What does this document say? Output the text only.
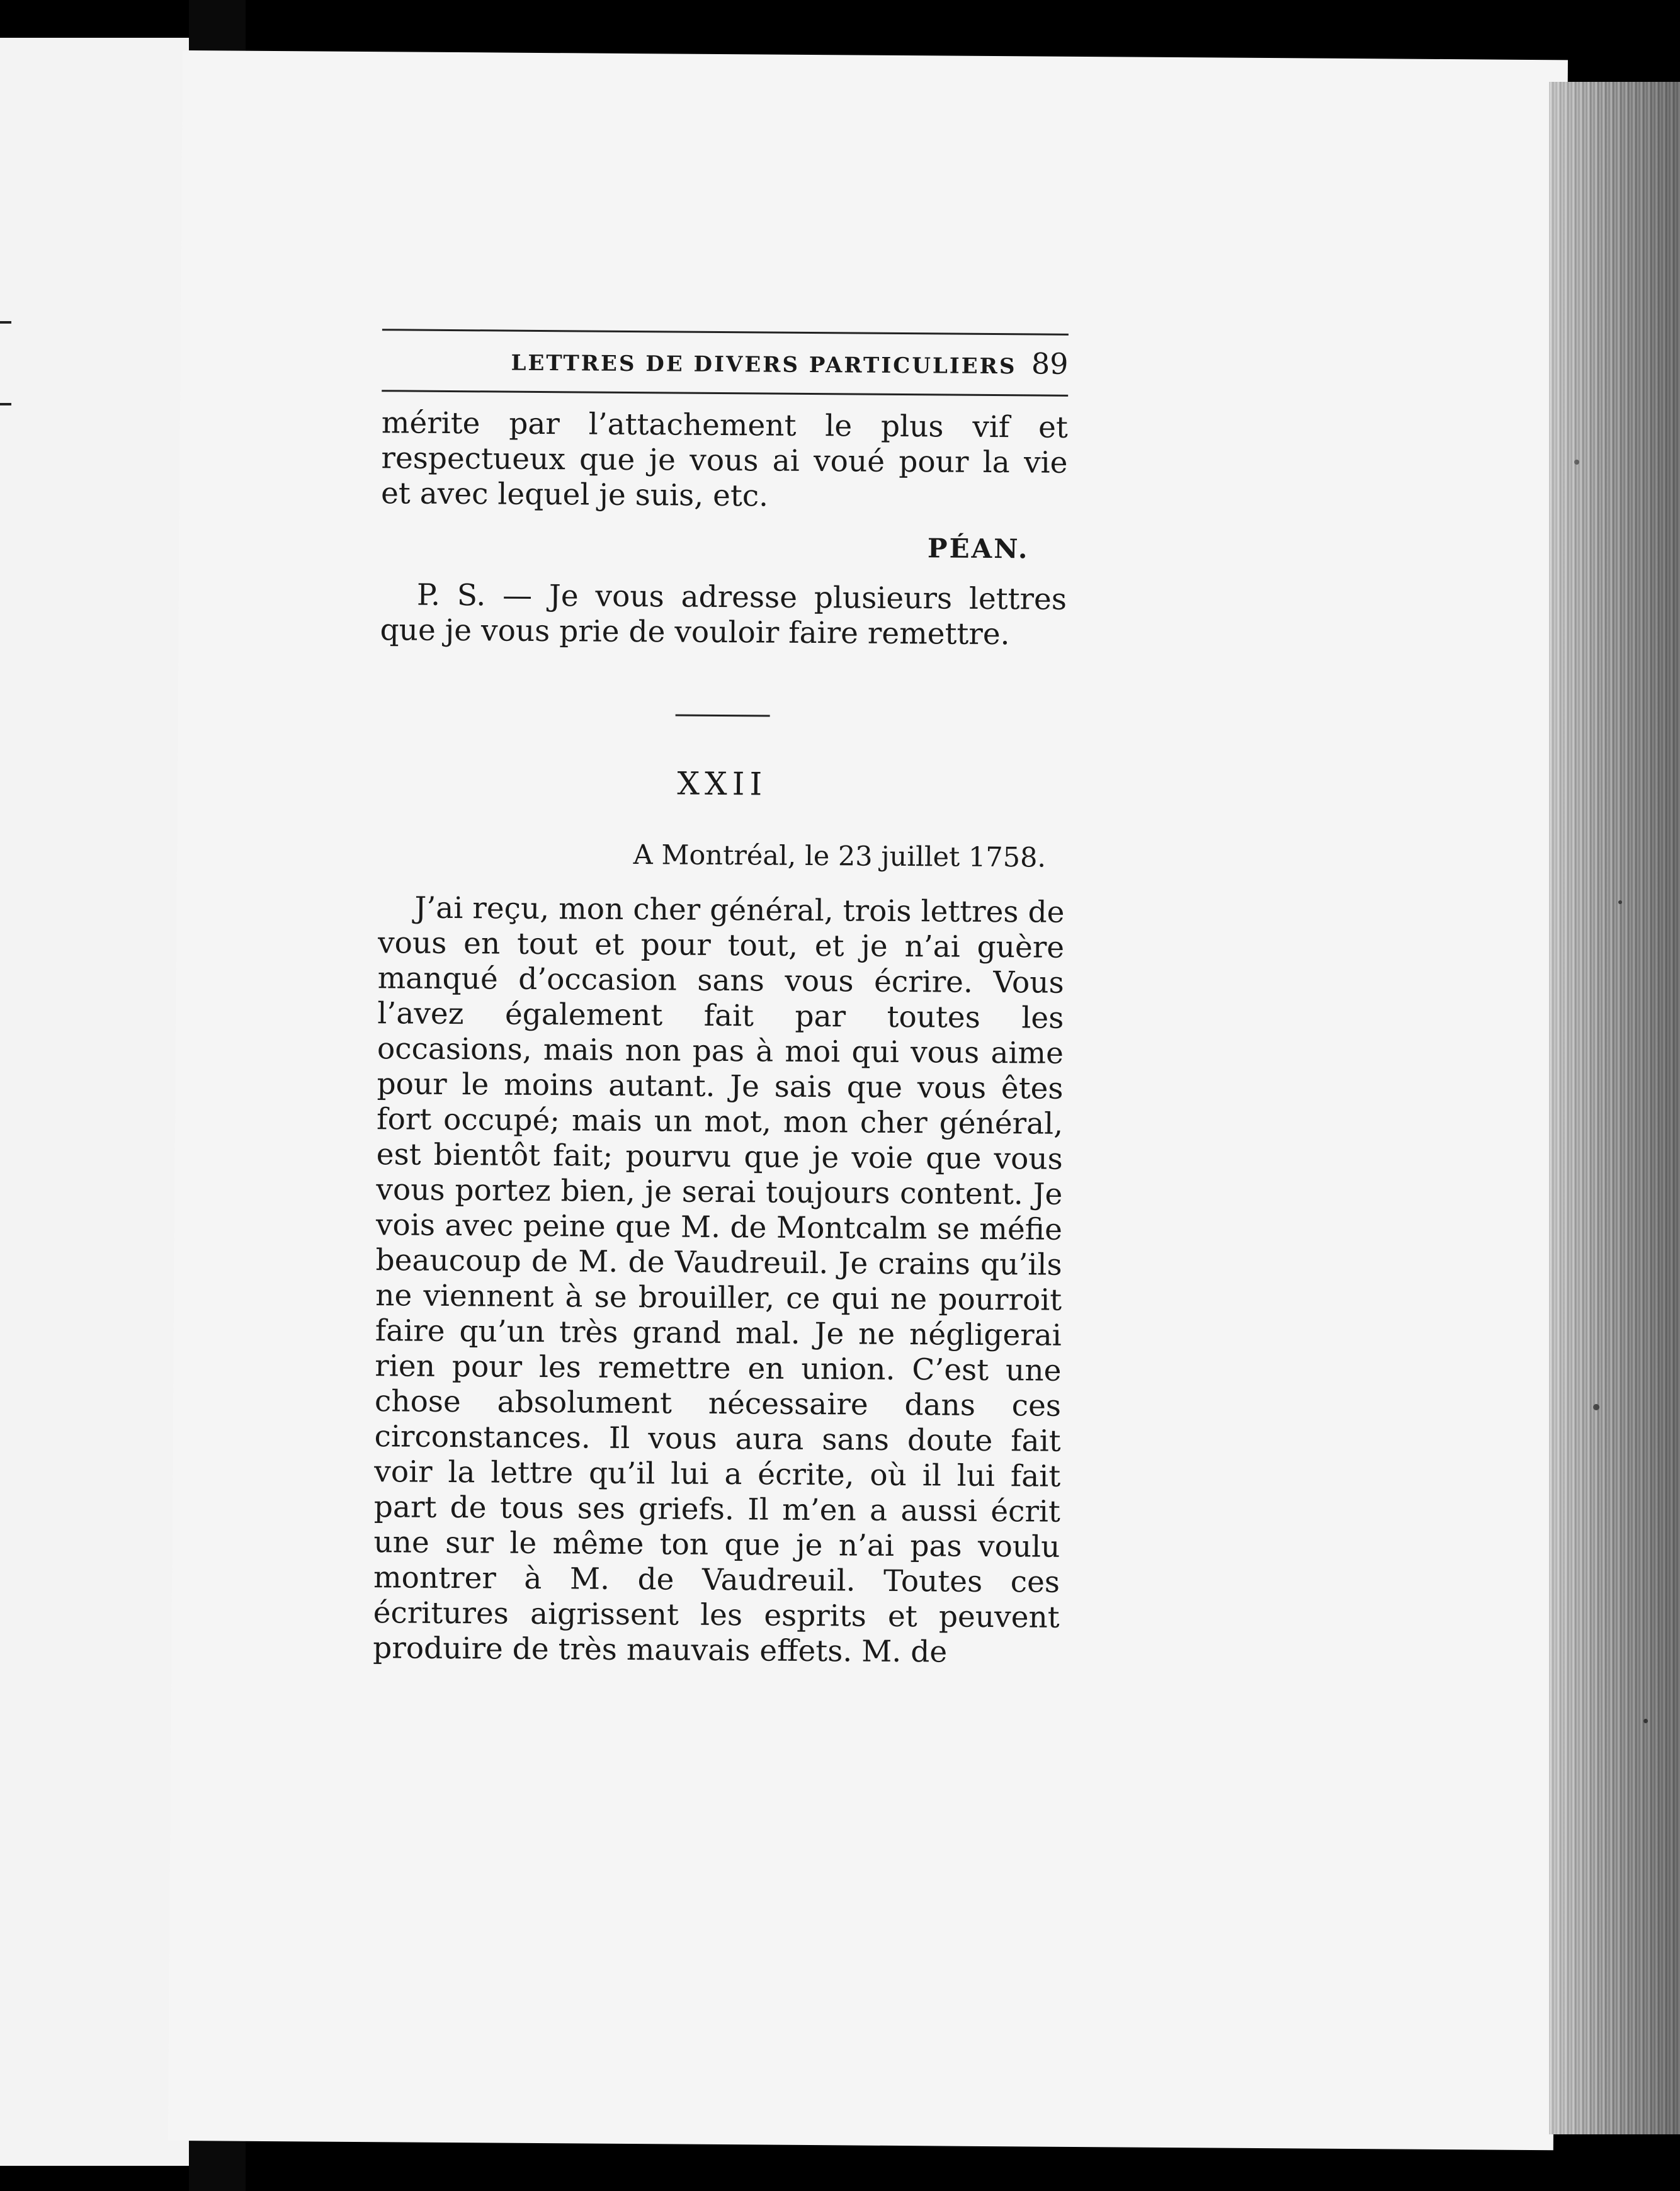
LETTRES DE DIVERS PARTICULIERS 89

mérite par l’attachement le plus vif et respectueux que je vous ai voué pour la vie et avec lequel je suis, etc.

PÉAN.

P. S. — Je vous adresse plusieurs lettres que je vous prie de vouloir faire remettre.

XXII
A Montréal, le 23 juillet 1758.

J’ai reçu, mon cher général, trois lettres de vous en tout et pour tout, et je n’ai guère manqué d’occasion sans vous écrire. Vous l’avez également fait par toutes les occasions, mais non pas à moi qui vous aime pour le moins autant. Je sais que vous êtes fort occupé; mais un mot, mon cher général, est bientôt fait; pourvu que je voie que vous vous portez bien, je serai toujours content. Je vois avec peine que M. de Montcalm se méfie beaucoup de M. de Vaudreuil. Je crains qu’ils ne viennent à se brouiller, ce qui ne pourroit faire qu’un très grand mal. Je ne négligerai rien pour les remettre en union. C’est une chose absolument nécessaire dans ces circonstances. Il vous aura sans doute fait voir la lettre qu’il lui a écrite, où il lui fait part de tous ses griefs. Il m’en a aussi écrit une sur le même ton que je n’ai pas voulu montrer à M. de Vaudreuil. Toutes ces écritures aigrissent les esprits et peuvent produire de très mauvais effets. M. de
